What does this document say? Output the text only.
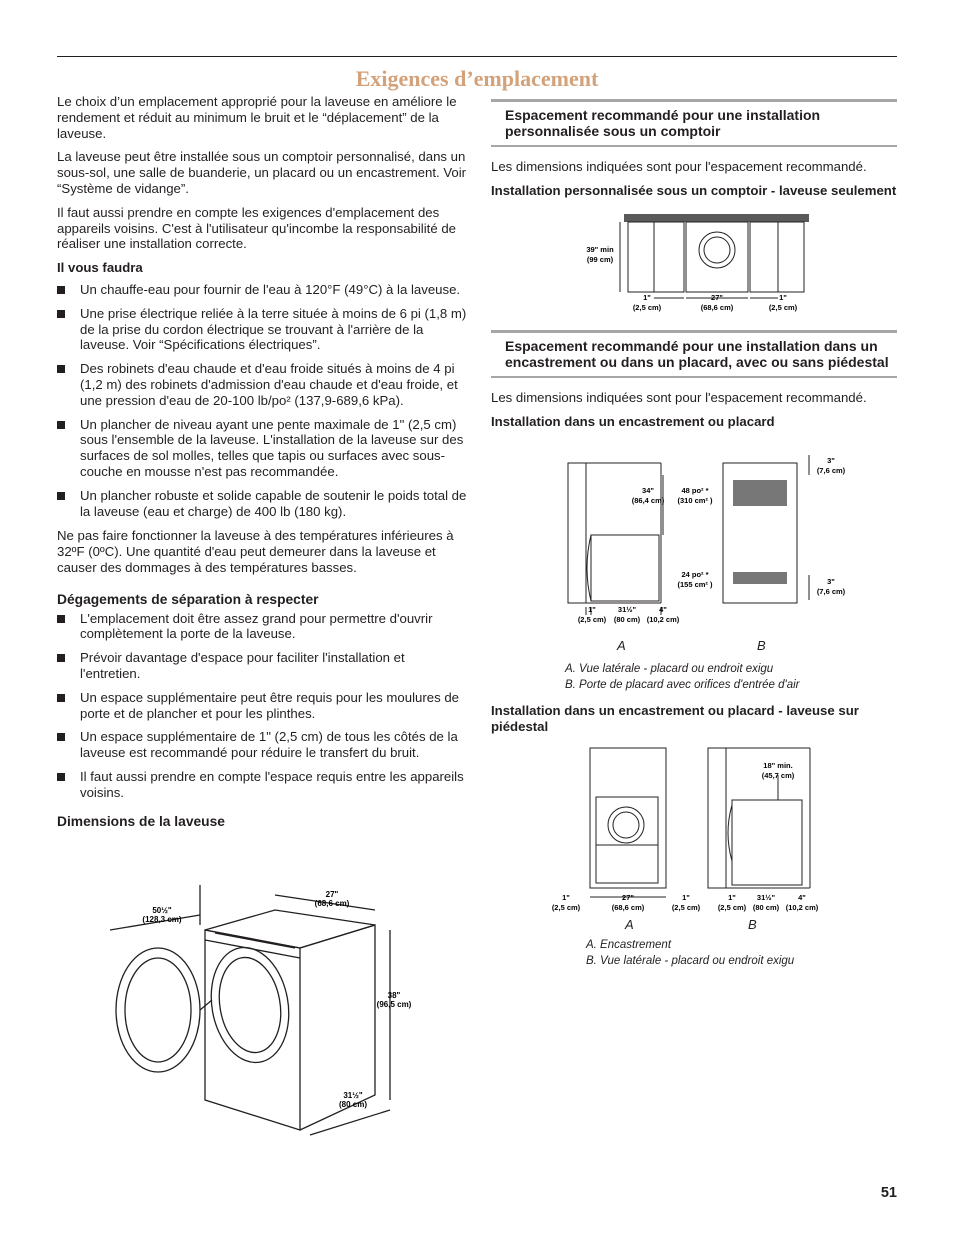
Exigences d’emplacement

Le choix d’un emplacement approprié pour la laveuse en améliore le rendement et réduit au minimum le bruit et le “déplacement” de la laveuse.

La laveuse peut être installée sous un comptoir personnalisé, dans un sous-sol, une salle de buanderie, un placard ou un encastrement. Voir “Système de vidange”.

Il faut aussi prendre en compte les exigences d'emplacement des appareils voisins. C'est à l'utilisateur qu'incombe la responsabilité de réaliser une installation correcte.

Il vous faudra

Un chauffe-eau pour fournir de l'eau à 120°F (49°C) à la laveuse.
Une prise électrique reliée à la terre située à moins de 6 pi (1,8 m) de la prise du cordon électrique se trouvant à l'arrière de la laveuse. Voir “Spécifications électriques”.
Des robinets d'eau chaude et d'eau froide situés à moins de 4 pi (1,2 m) des robinets d'admission d'eau chaude et d'eau froide, et une pression d'eau de 20-100 lb/po² (137,9-689,6 kPa).
Un plancher de niveau ayant une pente maximale de 1" (2,5 cm) sous l'ensemble de la laveuse. L'installation de la laveuse sur des surfaces de sol molles, telles que tapis ou surfaces avec sous-couche en mousse n'est pas recommandée.
Un plancher robuste et solide capable de soutenir le poids total de la laveuse (eau et charge) de 400 lb (180 kg).

Ne pas faire fonctionner la laveuse à des températures inférieures à 32ºF (0ºC). Une quantité d'eau peut demeurer dans la laveuse et causer des dommages à des températures basses.

Dégagements de séparation à respecter
L'emplacement doit être assez grand pour permettre d'ouvrir complètement la porte de la laveuse.
Prévoir davantage d'espace pour faciliter l'installation et l'entretien.
Un espace supplémentaire peut être requis pour les moulures de porte et de plancher et pour les plinthes.
Un espace supplémentaire de 1" (2,5 cm) de tous les côtés de la laveuse est recommandé pour réduire le transfert du bruit.
Il faut aussi prendre en compte l'espace requis entre les appareils voisins.
Dimensions de la laveuse
50½"
(128,3 cm)
27"
(68,6 cm)
38"
(96,5 cm)
31½"
(80 cm)
Espacement recommandé pour une installation personnalisée sous un comptoir

Les dimensions indiquées sont pour l'espacement recommandé.

Installation personnalisée sous un comptoir - laveuse seulement

39" min
(99 cm)
1"
(2,5 cm)
27"
(68,6 cm)
1"
(2,5 cm)
Espacement recommandé pour une installation dans un encastrement ou dans un placard, avec ou sans piédestal

Les dimensions indiquées sont pour l'espacement recommandé.

Installation dans un encastrement ou placard

34"
(86,4 cm)
48 po² *
(310 cm² )
24 po² *
(155 cm² )
3"
(7,6 cm)
3"
(7,6 cm)
1"
(2,5 cm)
31½"
(80 cm)
4"
(10,2 cm)
A	B
A. Vue latérale - placard ou endroit exigu
B. Porte de placard avec orifices d'entrée d'air

Installation dans un encastrement ou placard - laveuse sur piédestal

1"
(2,5 cm)
27"
(68,6 cm)
1"
(2,5 cm)
18" min.
(45,7 cm)
1"
(2,5 cm)
31½"
(80 cm)
4"
(10,2 cm)
A	B
A. Encastrement
B. Vue latérale - placard ou endroit exigu
51
